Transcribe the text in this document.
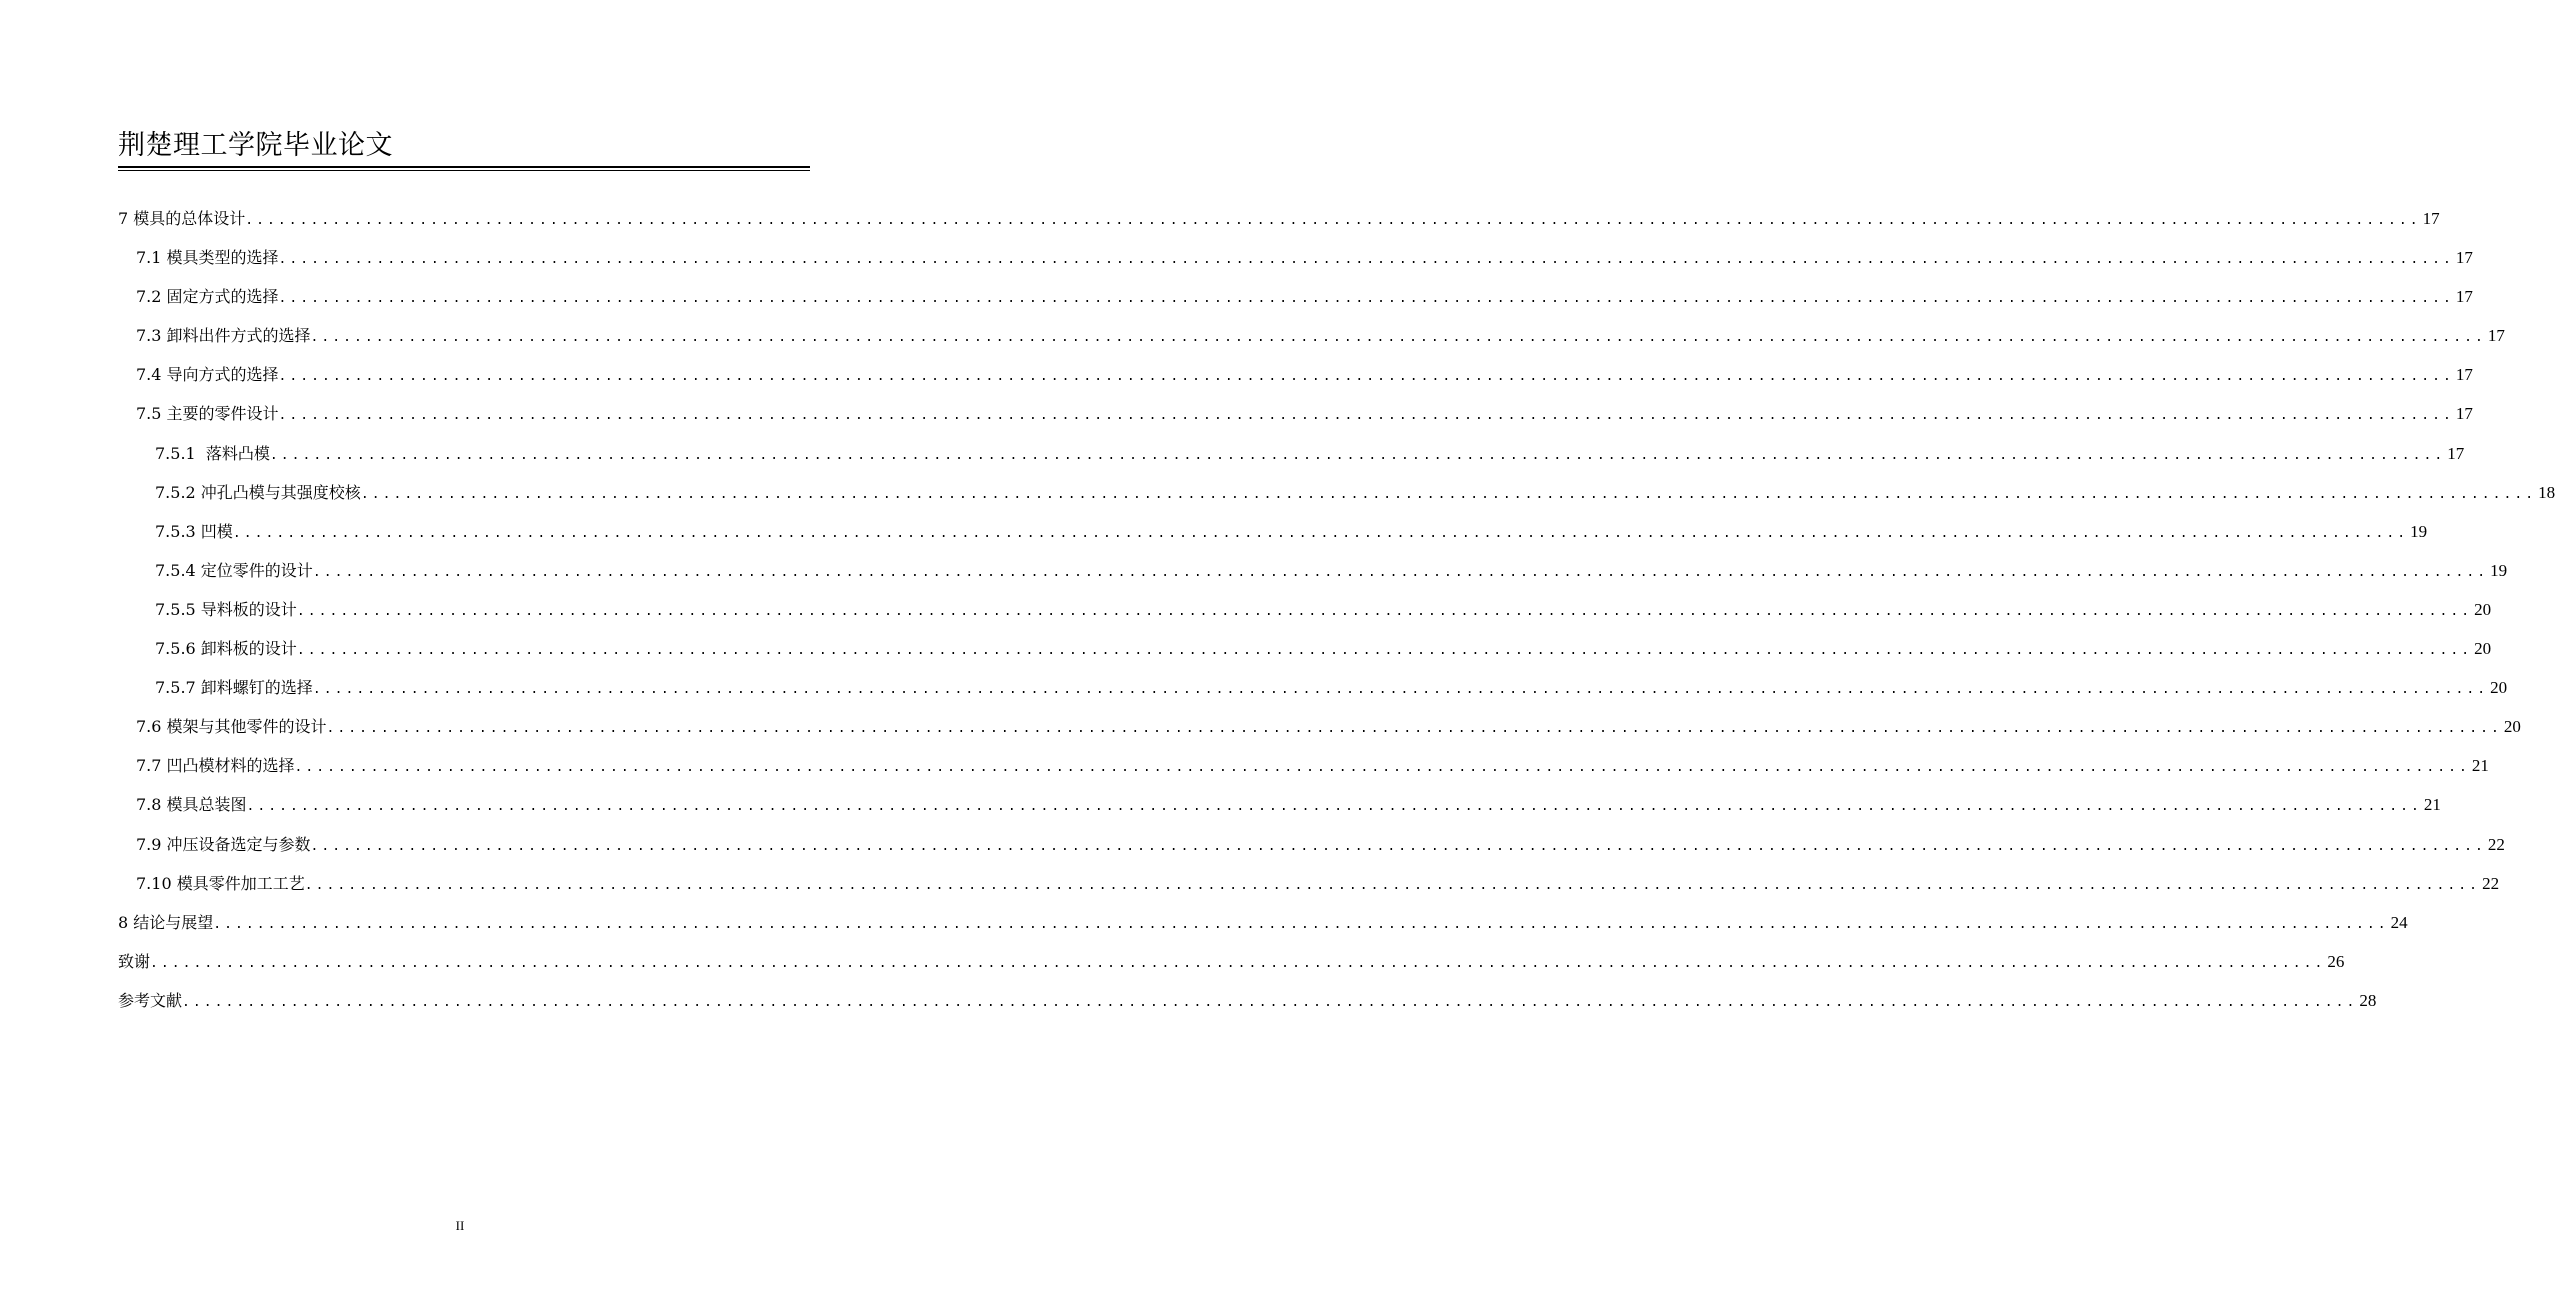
荆楚理工学院毕业论文
7 模具的总体设计 ........................................................................................................................................................................................................ 17
7.1 模具类型的选择 ........................................................................................................................................................................................................ 17
7.2 固定方式的选择 ........................................................................................................................................................................................................ 17
7.3 卸料出件方式的选择 ........................................................................................................................................................................................................ 17
7.4 导向方式的选择 ........................................................................................................................................................................................................ 17
7.5 主要的零件设计 ........................................................................................................................................................................................................ 17
7.5.1  落料凸模 ........................................................................................................................................................................................................ 17
7.5.2 冲孔凸模与其强度校核 ........................................................................................................................................................................................................ 18
7.5.3 凹模 ........................................................................................................................................................................................................ 19
7.5.4 定位零件的设计 ........................................................................................................................................................................................................ 19
7.5.5 导料板的设计 ........................................................................................................................................................................................................ 20
7.5.6 卸料板的设计 ........................................................................................................................................................................................................ 20
7.5.7 卸料螺钉的选择 ........................................................................................................................................................................................................ 20
7.6 模架与其他零件的设计 ........................................................................................................................................................................................................ 20
7.7 凹凸模材料的选择 ........................................................................................................................................................................................................ 21
7.8 模具总装图 ........................................................................................................................................................................................................ 21
7.9 冲压设备选定与参数 ........................................................................................................................................................................................................ 22
7.10 模具零件加工工艺 ........................................................................................................................................................................................................ 22
8 结论与展望 ........................................................................................................................................................................................................ 24
致谢 ........................................................................................................................................................................................................ 26
参考文献 ........................................................................................................................................................................................................ 28
II
